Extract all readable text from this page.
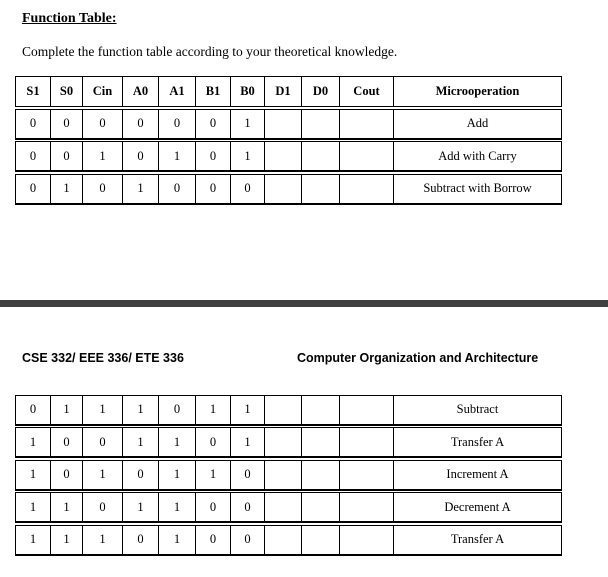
Function Table:
Complete the function table according to your theoretical knowledge.
S1	S0	Cin	A0	A1	B1	B0	D1	D0	Cout	Microoperation

0	0	0	0	0	0	1				Add

0	0	1	0	1	0	1				Add with Carry

0	1	0	1	0	0	0				Subtract with Borrow
CSE 332/ EEE 336/ ETE 336	Computer Organization and Architecture

0	1	1	1	0	1	1				Subtract

1	0	0	1	1	0	1				Transfer A

1	0	1	0	1	1	0				Increment A

1	1	0	1	1	0	0				Decrement A

1	1	1	0	1	0	0				Transfer A
